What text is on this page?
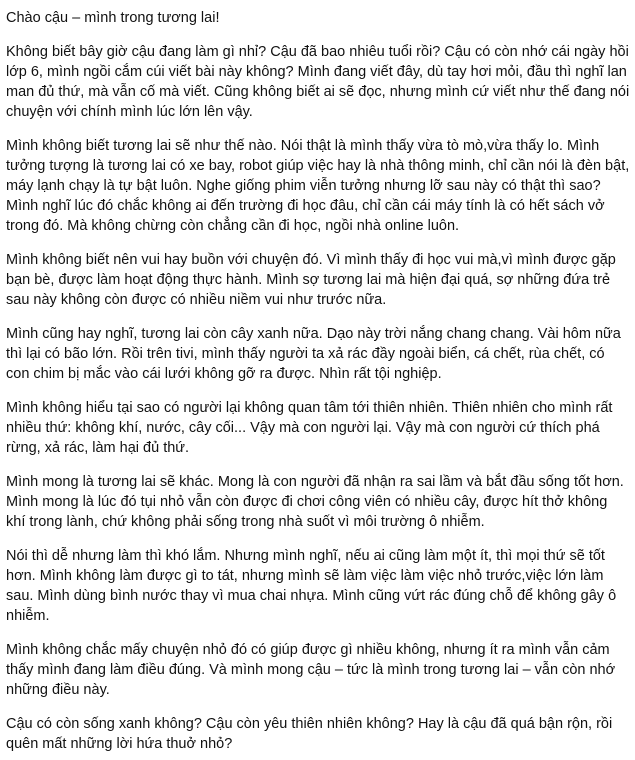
Chào cậu – mình trong tương lai!

Không biết bây giờ cậu đang làm gì nhỉ? Cậu đã bao nhiêu tuổi rồi? Cậu có còn nhớ cái ngày hồi lớp 6, mình ngồi cắm cúi viết bài này không? Mình đang viết đây, dù tay hơi mỏi, đầu thì nghĩ lan man đủ thứ, mà vẫn cố mà viết. Cũng không biết ai sẽ đọc, nhưng mình cứ viết như thế đang nói chuyện với chính mình lúc lớn lên vậy.

Mình không biết tương lai sẽ như thế nào. Nói thật là mình thấy vừa tò mò,vừa thấy lo. Mình tưởng tượng là tương lai có xe bay, robot giúp việc hay là nhà thông minh, chỉ cần nói là đèn bật, máy lạnh chạy là tự bật luôn. Nghe giống phim viễn tưởng nhưng lỡ sau này có thật thì sao? Mình nghĩ lúc đó chắc không ai đến trường đi học đâu, chỉ cần cái máy tính là có hết sách vở trong đó. Mà không chừng còn chẳng cần đi học, ngồi nhà online luôn.

Mình không biết nên vui hay buồn với chuyện đó. Vì mình thấy đi học vui mà,vì mình được gặp bạn bè, được làm hoạt động thực hành. Mình sợ tương lai mà hiện đại quá, sợ những đứa trẻ sau này không còn được có nhiều niềm vui như trước nữa.

Mình cũng hay nghĩ, tương lai còn cây xanh nữa. Dạo này trời nắng chang chang. Vài hôm nữa thì lại có bão lớn. Rồi trên tivi, mình thấy người ta xả rác đầy ngoài biển, cá chết, rùa chết, có con chim bị mắc vào cái lưới không gỡ ra được. Nhìn rất tội nghiệp.

Mình không hiểu tại sao có người lại không quan tâm tới thiên nhiên. Thiên nhiên cho mình rất nhiều thứ: không khí, nước, cây cối... Vậy mà con người lại. Vậy mà con người cứ thích phá rừng, xả rác, làm hại đủ thứ.

Mình mong là tương lai sẽ khác. Mong là con người đã nhận ra sai lầm và bắt đầu sống tốt hơn. Mình mong là lúc đó tụi nhỏ vẫn còn được đi chơi công viên có nhiều cây, được hít thở không khí trong lành, chứ không phải sống trong nhà suốt vì môi trường ô nhiễm.

Nói thì dễ nhưng làm thì khó lắm. Nhưng mình nghĩ, nếu ai cũng làm một ít, thì mọi thứ sẽ tốt hơn. Mình không làm được gì to tát, nhưng mình sẽ làm việc làm việc nhỏ trước,việc lớn làm sau. Mình dùng bình nước thay vì mua chai nhựa. Mình cũng vứt rác đúng chỗ để không gây ô nhiễm.

Mình không chắc mấy chuyện nhỏ đó có giúp được gì nhiều không, nhưng ít ra mình vẫn cảm thấy mình đang làm điều đúng. Và mình mong cậu – tức là mình trong tương lai – vẫn còn nhớ những điều này.

Cậu có còn sống xanh không? Cậu còn yêu thiên nhiên không? Hay là cậu đã quá bận rộn, rồi quên mất những lời hứa thuở nhỏ?
